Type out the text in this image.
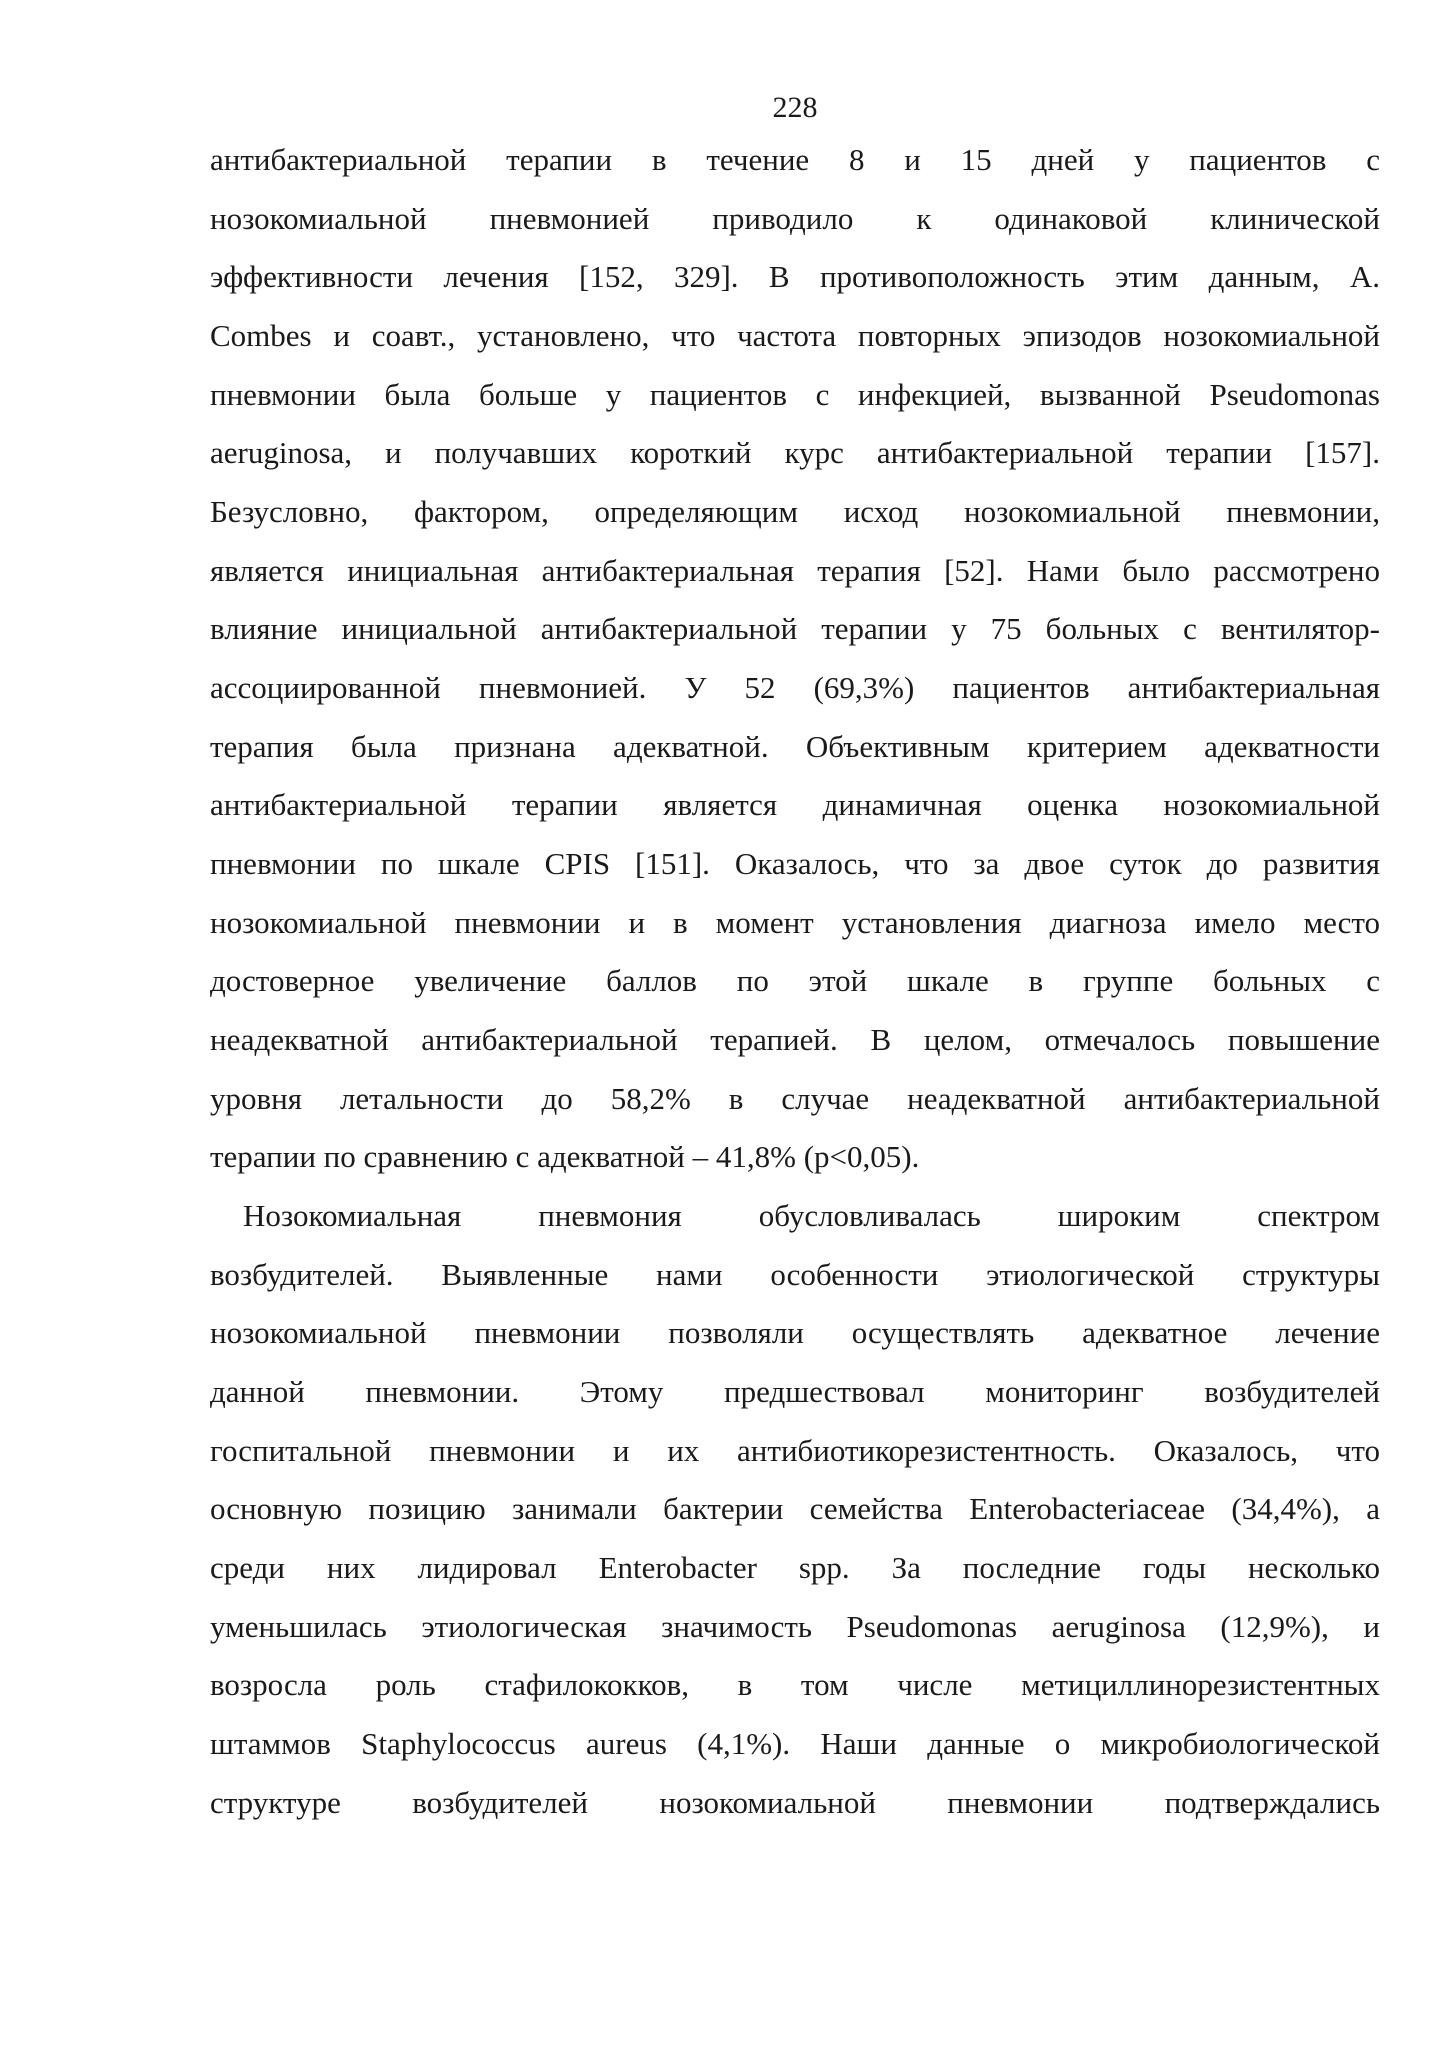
228

антибактериальной терапии в течение 8 и 15 дней у пациентов с

нозокомиальной пневмонией приводило к одинаковой клинической

эффективности лечения [152, 329]. В противоположность этим данным, А.

Combes и соавт., установлено, что частота повторных эпизодов нозокомиальной

пневмонии была больше у пациентов с инфекцией, вызванной Pseudomonas

aeruginosa, и получавших короткий курс антибактериальной терапии [157].

Безусловно, фактором, определяющим исход нозокомиальной пневмонии,

является инициальная антибактериальная терапия [52]. Нами было рассмотрено

влияние инициальной антибактериальной терапии у 75 больных с вентилятор-

ассоциированной пневмонией. У 52 (69,3%) пациентов антибактериальная

терапия была признана адекватной. Объективным критерием адекватности

антибактериальной терапии является динамичная оценка нозокомиальной

пневмонии по шкале CPIS [151]. Оказалось, что за двое суток до развития

нозокомиальной пневмонии и в момент установления диагноза имело место

достоверное увеличение баллов по этой шкале в группе больных с

неадекватной антибактериальной терапией. В целом, отмечалось повышение

уровня летальности до 58,2% в случае неадекватной антибактериальной

терапии по сравнению с адекватной – 41,8% (p<0,05).

Нозокомиальная пневмония обусловливалась широким спектром

возбудителей. Выявленные нами особенности этиологической структуры

нозокомиальной пневмонии позволяли осуществлять адекватное лечение

данной пневмонии. Этому предшествовал мониторинг возбудителей

госпитальной пневмонии и их антибиотикорезистентность. Оказалось, что

основную позицию занимали бактерии семейства Enterobacteriaceae (34,4%), а

среди них лидировал Enterobacter spp. За последние годы несколько

уменьшилась этиологическая значимость Pseudomonas aeruginosa (12,9%), и

возросла роль стафилококков, в том числе метициллинорезистентных

штаммов Staphylococcus aureus (4,1%). Наши данные о микробиологической

структуре возбудителей нозокомиальной пневмонии подтверждались
